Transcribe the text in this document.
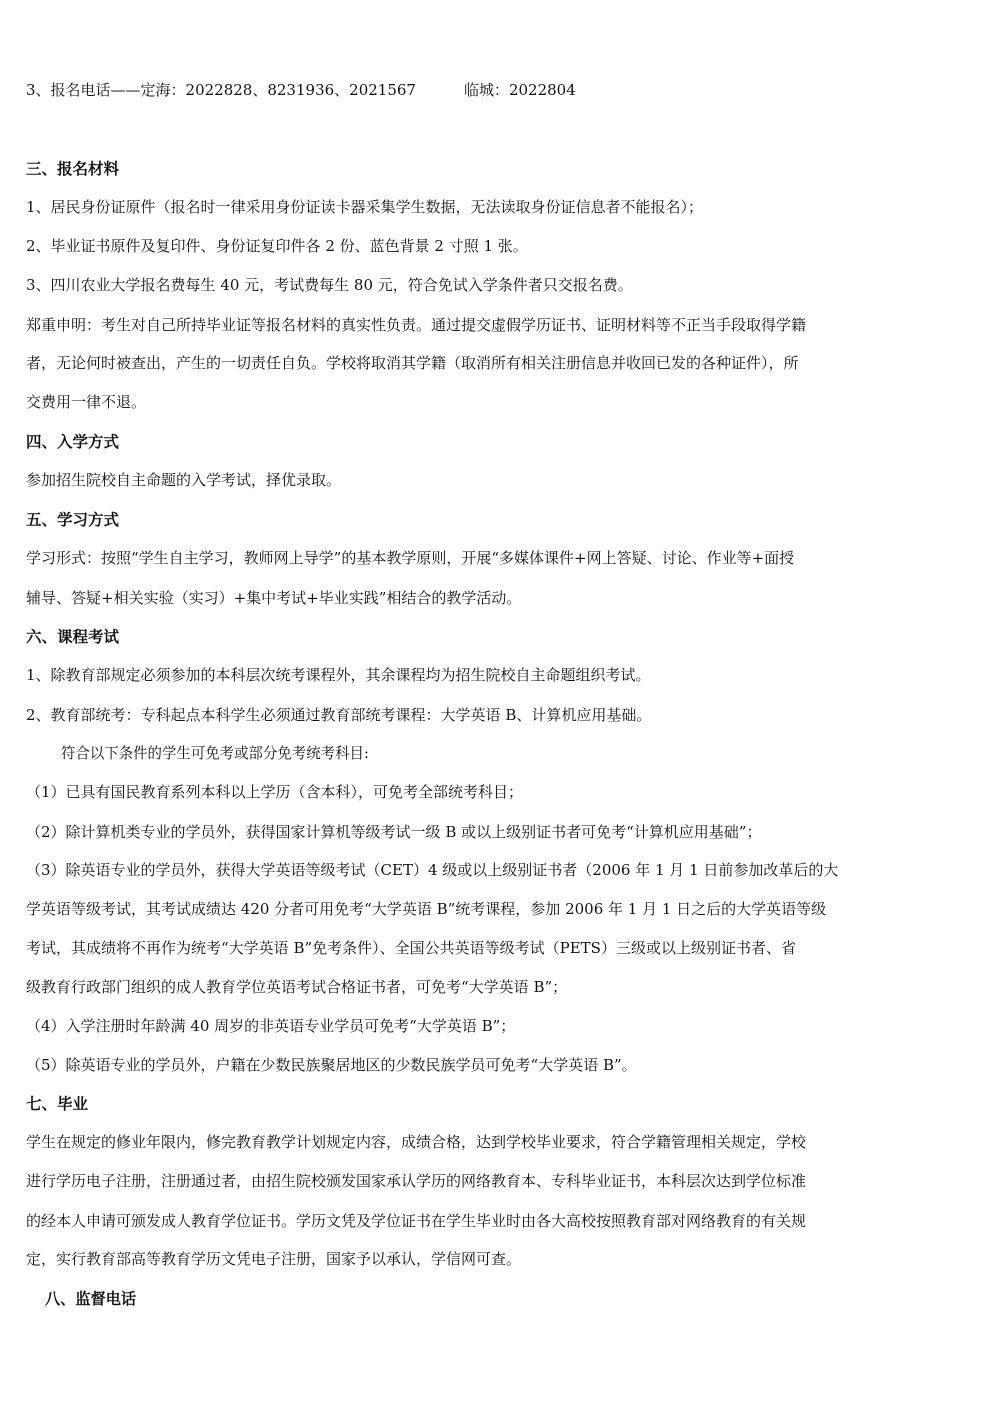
3、报名电话——定海：2022828、8231936、2021567	临城：2022804
三、报名材料
1、居民身份证原件（报名时一律采用身份证读卡器采集学生数据，无法读取身份证信息者不能报名）；
2、毕业证书原件及复印件、身份证复印件各 2 份、蓝色背景 2 寸照 1 张。
3、四川农业大学报名费每生 40 元，考试费每生 80 元，符合免试入学条件者只交报名费。
郑重申明：考生对自己所持毕业证等报名材料的真实性负责。通过提交虚假学历证书、证明材料等不正当手段取得学籍
者，无论何时被查出，产生的一切责任自负。学校将取消其学籍（取消所有相关注册信息并收回已发的各种证件），所
交费用一律不退。
四、入学方式
参加招生院校自主命题的入学考试，择优录取。
五、学习方式
学习形式：按照“学生自主学习，教师网上导学”的基本教学原则，开展“多媒体课件+网上答疑、讨论、作业等+面授
辅导、答疑+相关实验（实习）+集中考试+毕业实践”相结合的教学活动。
六、课程考试
1、除教育部规定必须参加的本科层次统考课程外，其余课程均为招生院校自主命题组织考试。
2、教育部统考：专科起点本科学生必须通过教育部统考课程：大学英语 B、计算机应用基础。
符合以下条件的学生可免考或部分免考统考科目:
（1）已具有国民教育系列本科以上学历（含本科），可免考全部统考科目；
（2）除计算机类专业的学员外，获得国家计算机等级考试一级 B 或以上级别证书者可免考“计算机应用基础”；
（3）除英语专业的学员外，获得大学英语等级考试（CET）4 级或以上级别证书者（2006 年 1 月 1 日前参加改革后的大
学英语等级考试，其考试成绩达 420 分者可用免考“大学英语 B”统考课程，参加 2006 年 1 月 1 日之后的大学英语等级
考试，其成绩将不再作为统考“大学英语 B”免考条件）、全国公共英语等级考试（PETS）三级或以上级别证书者、省
级教育行政部门组织的成人教育学位英语考试合格证书者，可免考“大学英语 B”；
（4）入学注册时年龄满 40 周岁的非英语专业学员可免考“大学英语 B”；
（5）除英语专业的学员外，户籍在少数民族聚居地区的少数民族学员可免考“大学英语 B”。
七、毕业
学生在规定的修业年限内，修完教育教学计划规定内容，成绩合格，达到学校毕业要求，符合学籍管理相关规定，学校
进行学历电子注册，注册通过者，由招生院校颁发国家承认学历的网络教育本、专科毕业证书，本科层次达到学位标准
的经本人申请可颁发成人教育学位证书。学历文凭及学位证书在学生毕业时由各大高校按照教育部对网络教育的有关规
定，实行教育部高等教育学历文凭电子注册，国家予以承认，学信网可查。
八、监督电话
